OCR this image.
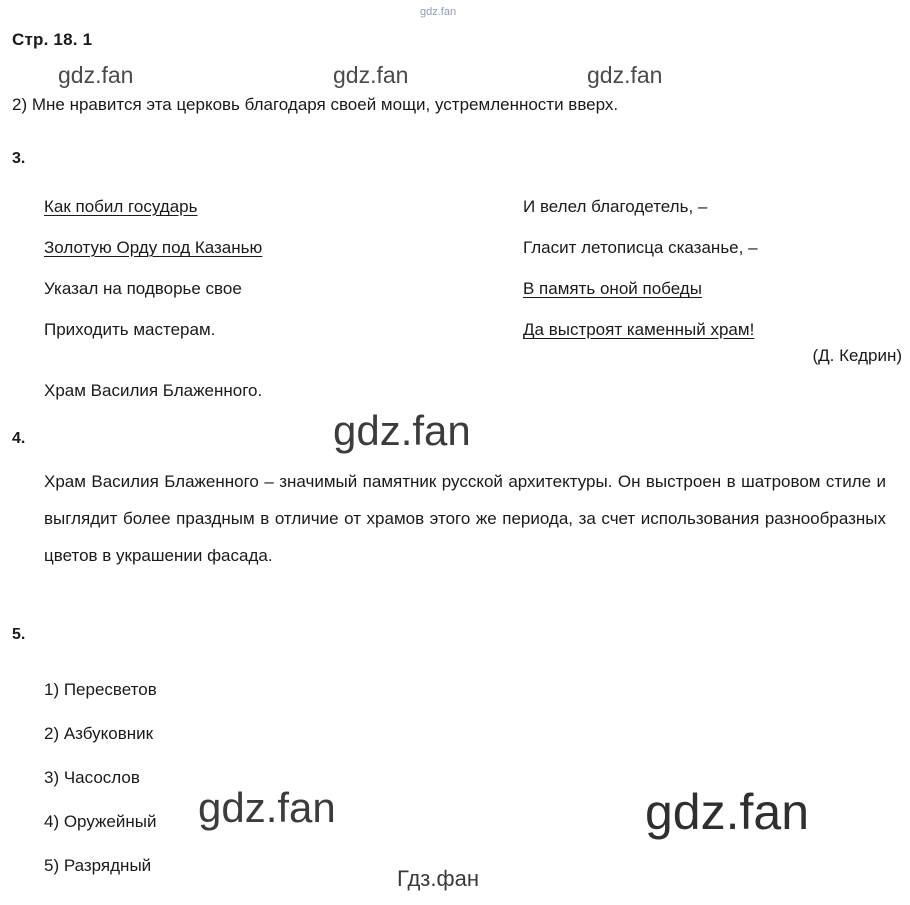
gdz.fan
gdz.fan	gdz.fan	gdz.fan
gdz.fan
gdz.fan	gdz.fan
Гдз.фан
Стр. 18. 1
2) Мне нравится эта церковь благодаря своей мощи, устремленности вверх.
3.
Как побил государь
Золотую Орду под Казанью
Указал на подворье свое
Приходить мастерам.
И велел благодетель, –
Гласит летописца сказанье, –
В память оной победы
Да выстроят каменный храм!
(Д. Кедрин)
Храм Василия Блаженного.
4.
Храм Василия Блаженного – значимый памятник русской архитектуры. Он выстроен в шатровом стиле и выглядит более праздным в отличие от храмов этого же периода, за счет использования разнообразных цветов в украшении фасада.
5.
1) Пересветов
2) Азбуковник
3) Часослов
4) Оружейный
5) Разрядный
